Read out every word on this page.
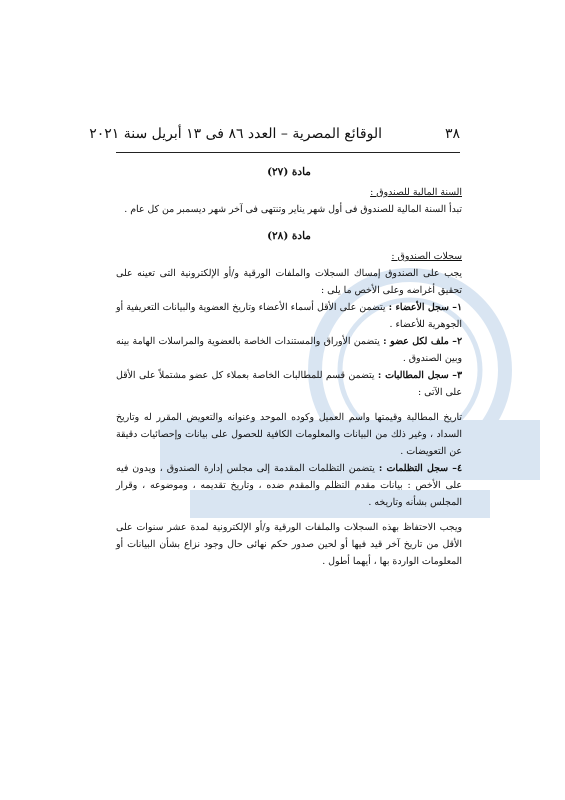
٣٨
الوقائع المصرية – العدد ٨٦ فى ١٣ أبريل سنة ٢٠٢١

مادة (٢٧)

السنة المالية للصندوق :

تبدأ السنة المالية للصندوق فى أول شهر يناير وتنتهى فى آخر شهر ديسمبر من كل عام .

مادة (٢٨)

سجلات الصندوق :

يجب على الصندوق إمساك السجلات والملفات الورقية و/أو الإلكترونية التى تعينه على تحقيق أغراضه وعلى الأخص ما يلى :

١– سجل الأعضاء : يتضمن على الأقل أسماء الأعضاء وتاريخ العضوية والبيانات التعريفية أو الجوهرية للأعضاء .

٢– ملف لكل عضو : يتضمن الأوراق والمستندات الخاصة بالعضوية والمراسلات الهامة بينه وبين الصندوق .

٣– سجل المطالبات : يتضمن قسم للمطالبات الخاصة بعملاء كل عضو مشتملاً على الأقل على الآتى :

تاريخ المطالبة وقيمتها واسم العميل وكوده الموحد وعنوانه والتعويض المقرر له وتاريخ السداد ، وغير ذلك من البيانات والمعلومات الكافية للحصول على بيانات وإحصائيات دقيقة عن التعويضات .

٤– سجل التظلمات : يتضمن التظلمات المقدمة إلى مجلس إدارة الصندوق ، ويدون فيه على الأخص : بيانات مقدم التظلم والمقدم ضده ، وتاريخ تقديمه ، وموضوعه ، وقرار المجلس بشأنه وتاريخه .

ويجب الاحتفاظ بهذه السجلات والملفات الورقية و/أو الإلكترونية لمدة عشر سنوات على الأقل من تاريخ آخر قيد فيها أو لحين صدور حكم نهائى حال وجود نزاع بشأن البيانات أو المعلومات الواردة بها ، أيهما أطول .
